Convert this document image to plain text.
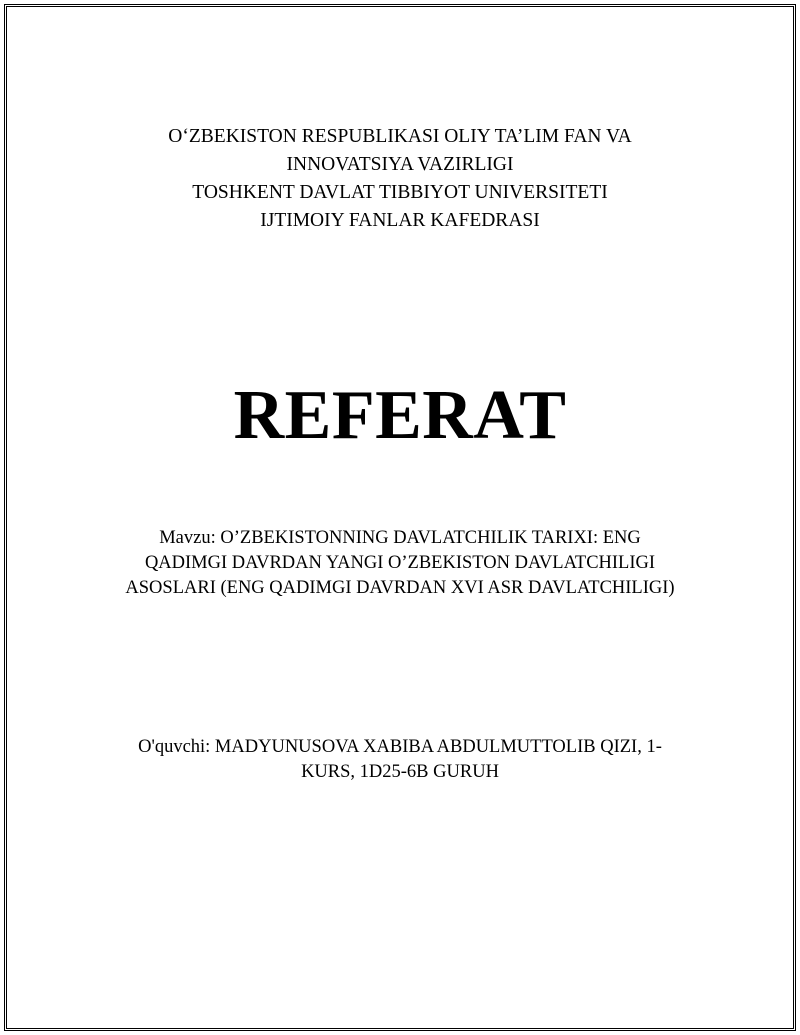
O‘ZBEKISTON RESPUBLIKASI OLIY TA’LIM FAN VA
INNOVATSIYA VAZIRLIGI
TOSHKENT DAVLAT TIBBIYOT UNIVERSITETI
IJTIMOIY FANLAR KAFEDRASI
REFERAT
Mavzu: O’ZBEKISTONNING DAVLATCHILIK TARIXI: ENG
QADIMGI DAVRDAN YANGI O’ZBEKISTON DAVLATCHILIGI
ASOSLARI (ENG QADIMGI DAVRDAN XVI ASR DAVLATCHILIGI)
O'quvchi: MADYUNUSOVA XABIBA ABDULMUTTOLIB QIZI, 1-
KURS, 1D25-6B GURUH
